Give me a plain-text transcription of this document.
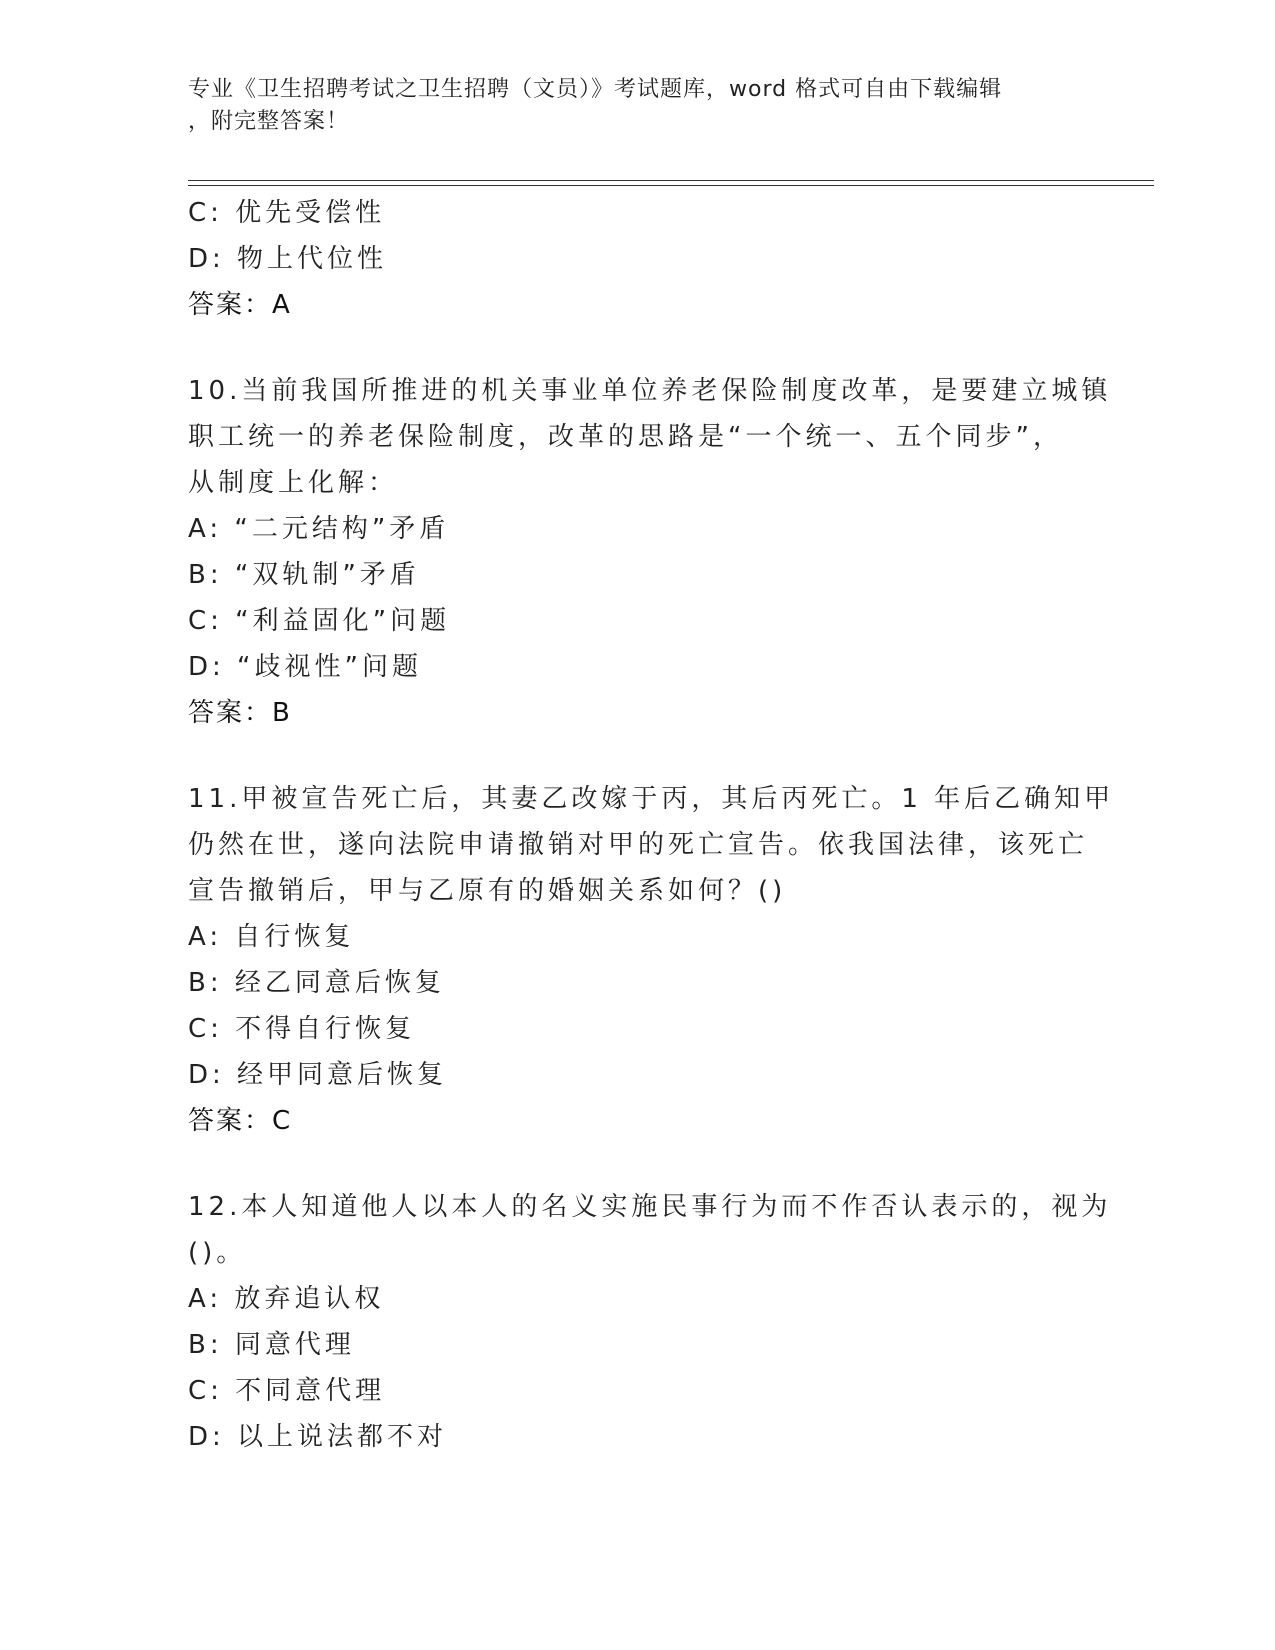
专业《卫生招聘考试之卫生招聘（文员）》考试题库，word 格式可自由下载编辑
，附完整答案！
C: 优先受偿性
D: 物上代位性
答案：A
10.当前我国所推进的机关事业单位养老保险制度改革，是要建立城镇
职工统一的养老保险制度，改革的思路是“一个统一、五个同步”，
从制度上化解：
A: “二元结构”矛盾
B: “双轨制”矛盾
C: “利益固化”问题
D: “歧视性”问题
答案：B
11.甲被宣告死亡后，其妻乙改嫁于丙，其后丙死亡。1 年后乙确知甲
仍然在世，遂向法院申请撤销对甲的死亡宣告。依我国法律，该死亡
宣告撤销后，甲与乙原有的婚姻关系如何？()
A: 自行恢复
B: 经乙同意后恢复
C: 不得自行恢复
D: 经甲同意后恢复
答案：C
12.本人知道他人以本人的名义实施民事行为而不作否认表示的，视为
()。
A: 放弃追认权
B: 同意代理
C: 不同意代理
D: 以上说法都不对
